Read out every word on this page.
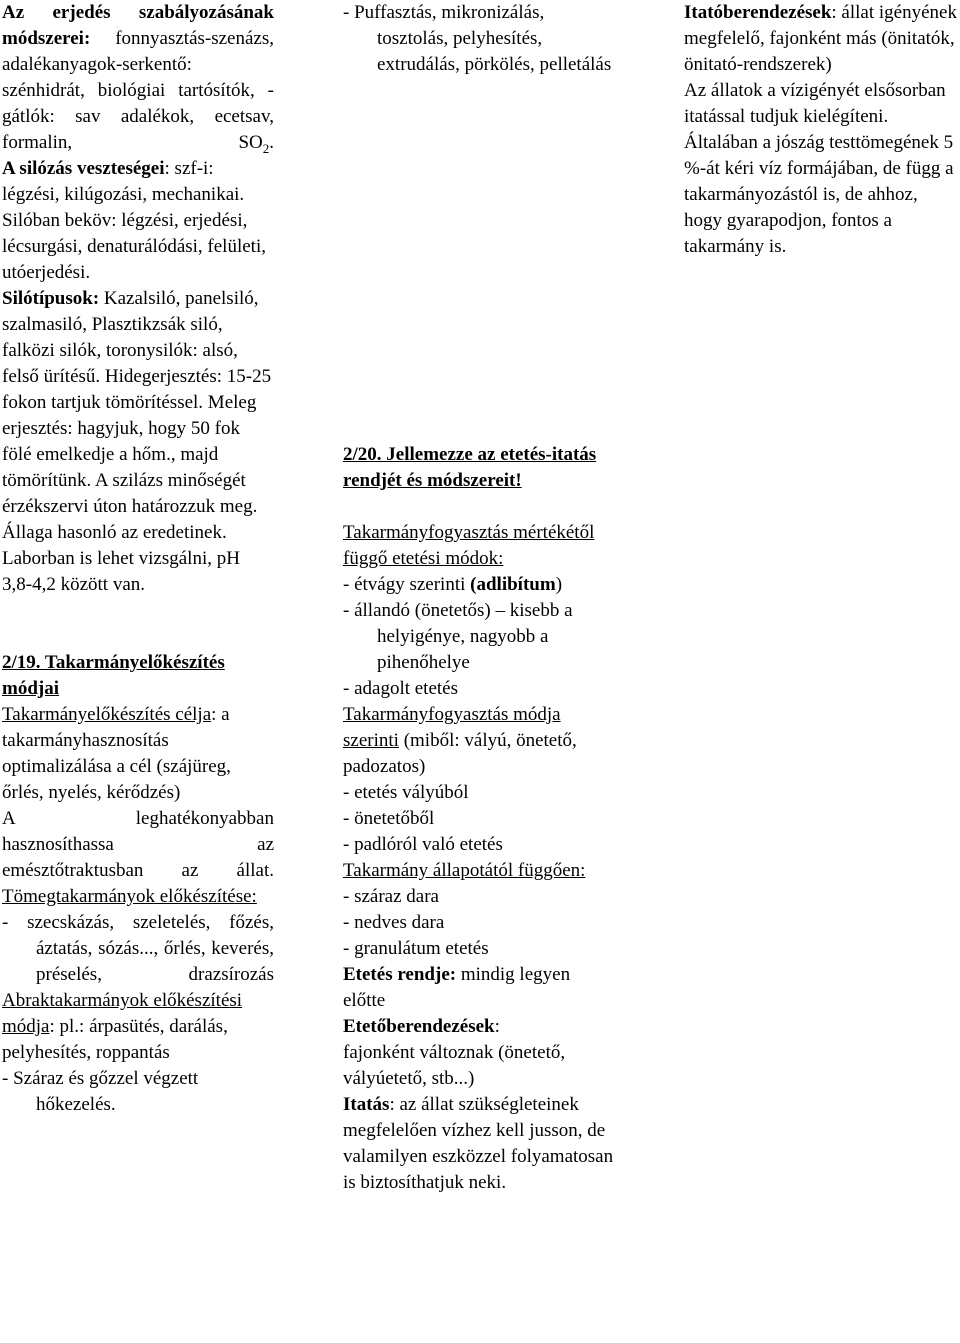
Az erjedés szabályozásának módszerei: fonnyasztás-szenázs, adalékanyagok-serkentő: szénhidrát, biológiai tartósítók, - gátlók: sav adalékok, ecetsav, formalin, $SO_2$.

A silózás veszteségei: szf-i: légzési, kilúgozási, mechanikai. Silóban beköv: légzési, erjedési, lécsurgási, denaturálódási, felületi, utóerjedési.

Silótípusok: Kazalsiló, panelsiló, szalmasiló, Plasztikzsák siló, falközi silók, toronysilók: alsó, felső ürítésű. Hidegerjesztés: 15-25 fokon tartjuk tömörítéssel. Meleg erjesztés: hagyjuk, hogy 50 fok fölé emelkedje a hőm., majd tömörítünk. A szilázs minőségét érzékszervi úton határozzuk meg. Állaga hasonló az eredetinek. Laborban is lehet vizsgálni, pH 3,8-4,2 között van.

2/19. Takarmányelőkészítés
módjai

Takarmányelőkészítés célja: a takarmányhasznosítás optimalizálása a cél (szájüreg, őrlés, nyelés, kérődzés)

A leghatékonyabban hasznosíthassa az emésztőtraktusban az állat.

Tömegtakarmányok előkészítése:

- szecskázás, szeletelés, főzés, áztatás, sózás..., őrlés, keverés, préselés, drazsírozás

Abraktakarmányok előkészítési módja: pl.: árpasütés, darálás, pelyhesítés, roppantás

- Száraz és gőzzel végzett hőkezelés.

- Puffasztás, mikronizálás, tosztolás, pelyhesítés, extrudálás, pörkölés, pelletálás

2/20. Jellemezze az etetés-itatás rendjét és módszereit!

Takarmányfogyasztás mértékétől függő etetési módok:

- étvágy szerinti (adlibítum)

- állandó (önetetős) – kisebb a helyigénye, nagyobb a pihenőhelye

- adagolt etetés

Takarmányfogyasztás módja szerinti (miből: vályú, önetető, padozatos)

- etetés vályúból

- önetetőből

- padlóról való etetés

Takarmány állapotától függően:

- száraz dara

- nedves dara

- granulátum etetés

Etetés rendje: mindig legyen előtte

Etetőberendezések:

fajonként változnak (önetető, vályúetető, stb...)

Itatás: az állat szükségleteinek megfelelően vízhez kell jusson, de valamilyen eszközzel folyamatosan is biztosíthatjuk neki.

Itatóberendezések: állat igényének megfelelő, fajonként más (önitatók, önitató-rendszerek)

Az állatok a vízigényét elsősorban itatással tudjuk kielégíteni. Általában a jószág testtömegének 5 %-át kéri víz formájában, de függ a takarmányozástól is, de ahhoz, hogy gyarapodjon, fontos a takarmány is.
